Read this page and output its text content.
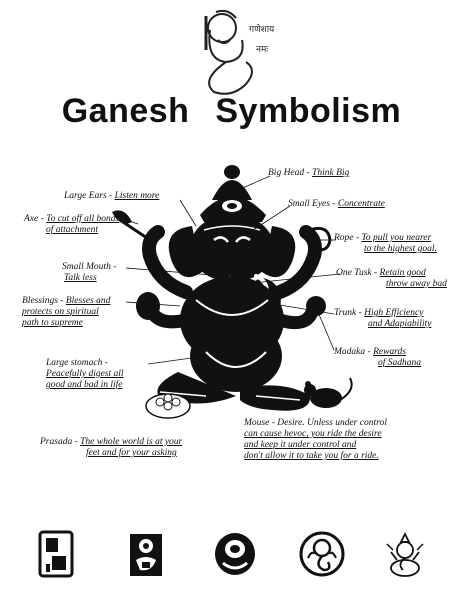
गणेशाय
नमः
Ganesh Symbolism
Big Head - Think Big
Large Ears - Listen more
Small Eyes - Concentrate
Axe - To cut off all bonds
of attachment
Rope - To pull you nearer
to the highest goal.
Small Mouth -
Talk less	One Tusk - Retain good
throw away bad
Blessings - Blesses and
protects on spiritual
path to supreme
Trunk - High Efficiency
and Adapiability
Madaka - Rewards
of Sadhana
Large stomach -
Peacefully digest all
good and bad in life
Mouse - Desire. Unless under control
can cause hevoc, you ride the desire
and keep it under control and
don't allow it to take you for a ride.
Prasada - The whole world is at your
feet and for your asking
